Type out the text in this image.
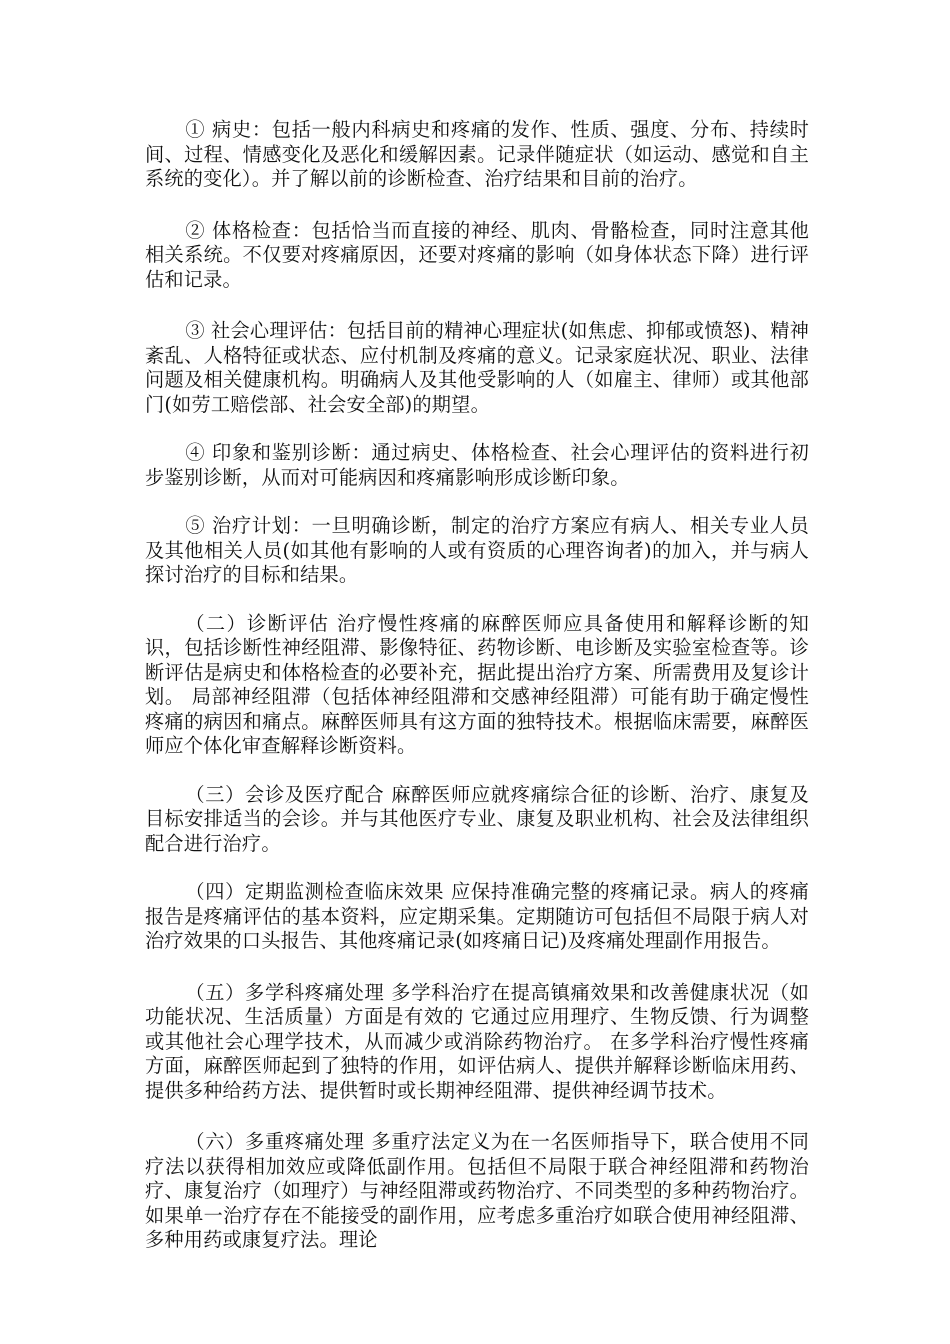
① 病史：包括一般内科病史和疼痛的发作、性质、强度、分布、持续时间、过程、情感变化及恶化和缓解因素。记录伴随症状（如运动、感觉和自主系统的变化）。并了解以前的诊断检查、治疗结果和目前的治疗。

② 体格检查：包括恰当而直接的神经、肌肉、骨骼检查，同时注意其他相关系统。不仅要对疼痛原因，还要对疼痛的影响（如身体状态下降）进行评估和记录。

③ 社会心理评估：包括目前的精神心理症状(如焦虑、抑郁或愤怒)、精神紊乱、人格特征或状态、应付机制及疼痛的意义。记录家庭状况、职业、法律问题及相关健康机构。明确病人及其他受影响的人（如雇主、律师）或其他部门(如劳工赔偿部、社会安全部)的期望。

④ 印象和鉴别诊断：通过病史、体格检查、社会心理评估的资料进行初步鉴别诊断，从而对可能病因和疼痛影响形成诊断印象。

⑤ 治疗计划：一旦明确诊断，制定的治疗方案应有病人、相关专业人员及其他相关人员(如其他有影响的人或有资质的心理咨询者)的加入，并与病人探讨治疗的目标和结果。

（二）诊断评估 治疗慢性疼痛的麻醉医师应具备使用和解释诊断的知识，包括诊断性神经阻滞、影像特征、药物诊断、电诊断及实验室检查等。诊断评估是病史和体格检查的必要补充，据此提出治疗方案、所需费用及复诊计划。 局部神经阻滞（包括体神经阻滞和交感神经阻滞）可能有助于确定慢性疼痛的病因和痛点。麻醉医师具有这方面的独特技术。根据临床需要，麻醉医师应个体化审查解释诊断资料。

（三）会诊及医疗配合 麻醉医师应就疼痛综合征的诊断、治疗、康复及目标安排适当的会诊。并与其他医疗专业、康复及职业机构、社会及法律组织配合进行治疗。

（四）定期监测检查临床效果 应保持准确完整的疼痛记录。病人的疼痛报告是疼痛评估的基本资料，应定期采集。定期随访可包括但不局限于病人对治疗效果的口头报告、其他疼痛记录(如疼痛日记)及疼痛处理副作用报告。

（五）多学科疼痛处理 多学科治疗在提高镇痛效果和改善健康状况（如功能状况、生活质量）方面是有效的 它通过应用理疗、生物反馈、行为调整或其他社会心理学技术，从而减少或消除药物治疗。 在多学科治疗慢性疼痛方面，麻醉医师起到了独特的作用，如评估病人、提供并解释诊断临床用药、提供多种给药方法、提供暂时或长期神经阻滞、提供神经调节技术。

（六）多重疼痛处理 多重疗法定义为在一名医师指导下，联合使用不同疗法以获得相加效应或降低副作用。包括但不局限于联合神经阻滞和药物治疗、康复治疗（如理疗）与神经阻滞或药物治疗、不同类型的多种药物治疗。 如果单一治疗存在不能接受的副作用，应考虑多重治疗如联合使用神经阻滞、多种用药或康复疗法。理论
